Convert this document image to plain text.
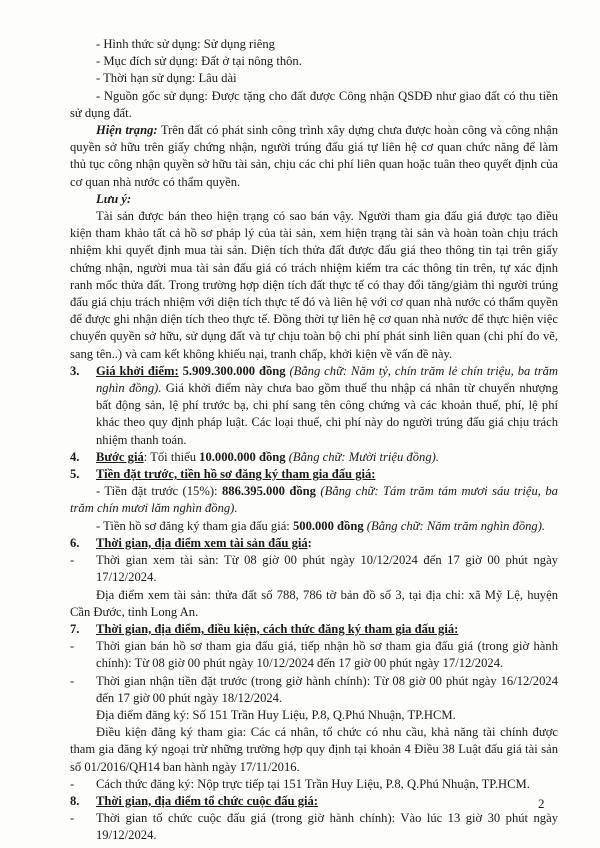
- Hình thức sử dụng: Sử dụng riêng

- Mục đích sử dụng: Đất ở tại nông thôn.

- Thời hạn sử dụng: Lâu dài

- Nguồn gốc sử dụng: Được tặng cho đất được Công nhận QSDĐ như giao đất có thu tiền sử dụng đất.

Hiện trạng: Trên đất có phát sinh công trình xây dựng chưa được hoàn công và công nhận quyền sở hữu trên giấy chứng nhận, người trúng đấu giá tự liên hệ cơ quan chức năng để làm thủ tục công nhận quyền sở hữu tài sản, chịu các chi phí liên quan hoặc tuân theo quyết định của cơ quan nhà nước có thẩm quyền.

Lưu ý:

Tài sản được bán theo hiện trạng có sao bán vậy. Người tham gia đấu giá được tạo điều kiện tham khảo tất cả hồ sơ pháp lý của tài sản, xem hiện trạng tài sản và hoàn toàn chịu trách nhiệm khi quyết định mua tài sản. Diện tích thửa đất được đấu giá theo thông tin tại trên giấy chứng nhận, người mua tài sản đấu giá có trách nhiệm kiểm tra các thông tin trên, tự xác định ranh mốc thửa đất. Trong trường hợp diện tích đất thực tế có thay đổi tăng/giảm thì người trúng đấu giá chịu trách nhiệm với diện tích thực tế đó và liên hệ với cơ quan nhà nước có thẩm quyền để được ghi nhận diện tích theo thực tế. Đồng thời tự liên hệ cơ quan nhà nước để thực hiện việc chuyển quyền sở hữu, sử dụng đất và tự chịu toàn bộ chi phí phát sinh liên quan (chi phí đo vẽ, sang tên..) và cam kết không khiếu nại, tranh chấp, khởi kiện về vấn đề này.

3.	Giá khởi điểm: 5.909.300.000 đồng (Bằng chữ: Năm tỷ, chín trăm lẻ chín triệu, ba trăm nghìn đồng). Giá khởi điểm này chưa bao gồm thuế thu nhập cá nhân từ chuyển nhượng bất động sản, lệ phí trước bạ, chi phí sang tên công chứng và các khoản thuế, phí, lệ phí khác theo quy định pháp luật. Các loại thuế, chi phí này do người trúng đấu giá chịu trách nhiệm thanh toán.

4.	Bước giá: Tối thiểu 10.000.000 đồng (Bằng chữ: Mười triệu đồng).

5.	Tiền đặt trước, tiền hồ sơ đăng ký tham gia đấu giá:

- Tiền đặt trước (15%): 886.395.000 đồng (Bằng chữ: Tám trăm tám mươi sáu triệu, ba trăm chín mươi lăm nghìn đồng).

- Tiền hồ sơ đăng ký tham gia đấu giá: 500.000 đồng (Bằng chữ: Năm trăm nghìn đồng).

6.	Thời gian, địa điểm xem tài sản đấu giá:

-	Thời gian xem tài sản: Từ 08 giờ 00 phút ngày 10/12/2024 đến 17 giờ 00 phút ngày 17/12/2024.

Địa điểm xem tài sản: thửa đất số 788, 786 tờ bản đồ số 3, tại địa chỉ: xã Mỹ Lệ, huyện Cần Đước, tỉnh Long An.

7.	Thời gian, địa điểm, điều kiện, cách thức đăng ký tham gia đấu giá:

-	Thời gian bán hồ sơ tham gia đấu giá, tiếp nhận hồ sơ tham gia đấu giá (trong giờ hành chính): Từ 08 giờ 00 phút ngày 10/12/2024 đến 17 giờ 00 phút ngày 17/12/2024.

-	Thời gian nhận tiền đặt trước (trong giờ hành chính): Từ 08 giờ 00 phút ngày 16/12/2024 đến 17 giờ 00 phút ngày 18/12/2024.

Địa điểm đăng ký: Số 151 Trần Huy Liệu, P.8, Q.Phú Nhuận, TP.HCM.

Điều kiện đăng ký tham gia: Các cá nhân, tổ chức có nhu cầu, khả năng tài chính được tham gia đăng ký ngoại trừ những trường hợp quy định tại khoản 4 Điều 38 Luật đấu giá tài sản số 01/2016/QH14 ban hành ngày 17/11/2016.

-	Cách thức đăng ký: Nộp trực tiếp tại 151 Trần Huy Liệu, P.8, Q.Phú Nhuận, TP.HCM.

8.	Thời gian, địa điểm tổ chức cuộc đấu giá:

-	Thời gian tổ chức cuộc đấu giá (trong giờ hành chính): Vào lúc 13 giờ 30 phút ngày 19/12/2024.

2
